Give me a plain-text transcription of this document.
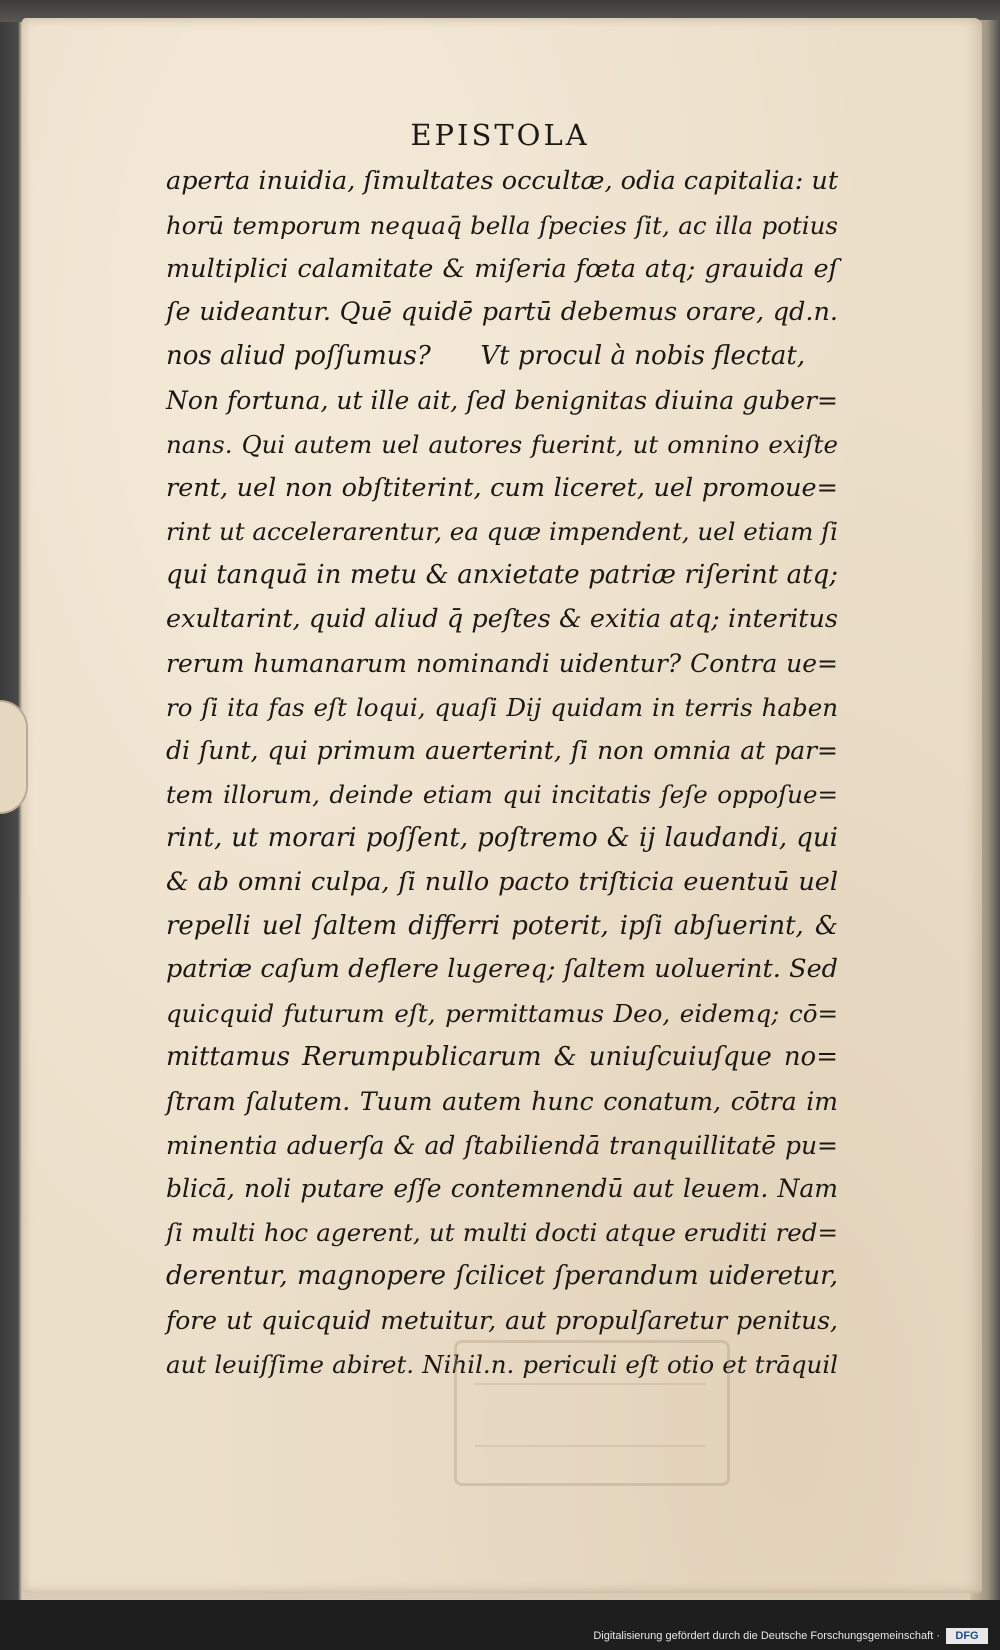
EPISTOLA
aperta inuidia, ſimultates occultæ, odia capitalia: ut
horū temporum nequaq̄ bella ſpecies ſit, ac illa potius
multiplici calamitate & miſeria fœta atq; grauida eſ
ſe uideantur. Quē quidē partū debemus orare, qd.n.
nos aliud poſſumus?      Vt procul à nobis flectat,
Non fortuna, ut ille ait, ſed benignitas diuina guber=
nans. Qui autem uel autores fuerint, ut omnino exiſte
rent, uel non obſtiterint, cum liceret, uel promoue=
rint ut accelerarentur, ea quæ impendent, uel etiam ſi
qui tanquā in metu & anxietate patriæ riſerint atq;
exultarint, quid aliud q̄ peſtes & exitia atq; interitus
rerum humanarum nominandi uidentur? Contra ue=
ro ſi ita fas eſt loqui, quaſi Dij quidam in terris haben
di ſunt, qui primum auerterint, ſi non omnia at par=
tem illorum, deinde etiam qui incitatis ſeſe oppoſue=
rint, ut morari poſſent, poſtremo & ij laudandi, qui
& ab omni culpa, ſi nullo pacto triſticia euentuū uel
repelli uel ſaltem differri poterit, ipſi abſuerint, &
patriæ caſum deflere lugereq; ſaltem uoluerint. Sed
quicquid futurum eſt, permittamus Deo, eidemq; cō=
mittamus Rerumpublicarum & uniuſcuiuſque no=
ſtram ſalutem. Tuum autem hunc conatum, cōtra im
minentia aduerſa & ad ſtabiliendā tranquillitatē pu=
blicā, noli putare eſſe contemnendū aut leuem. Nam
ſi multi hoc agerent, ut multi docti atque eruditi red=
derentur, magnopere ſcilicet ſperandum uideretur,
fore ut quicquid metuitur, aut propulſaretur penitus,
aut leuiſſime abiret. Nihil.n. periculi eſt otio et trāquil
Digitalisierung gefördert durch die Deutsche Forschungsgemeinschaft ·	DFG
